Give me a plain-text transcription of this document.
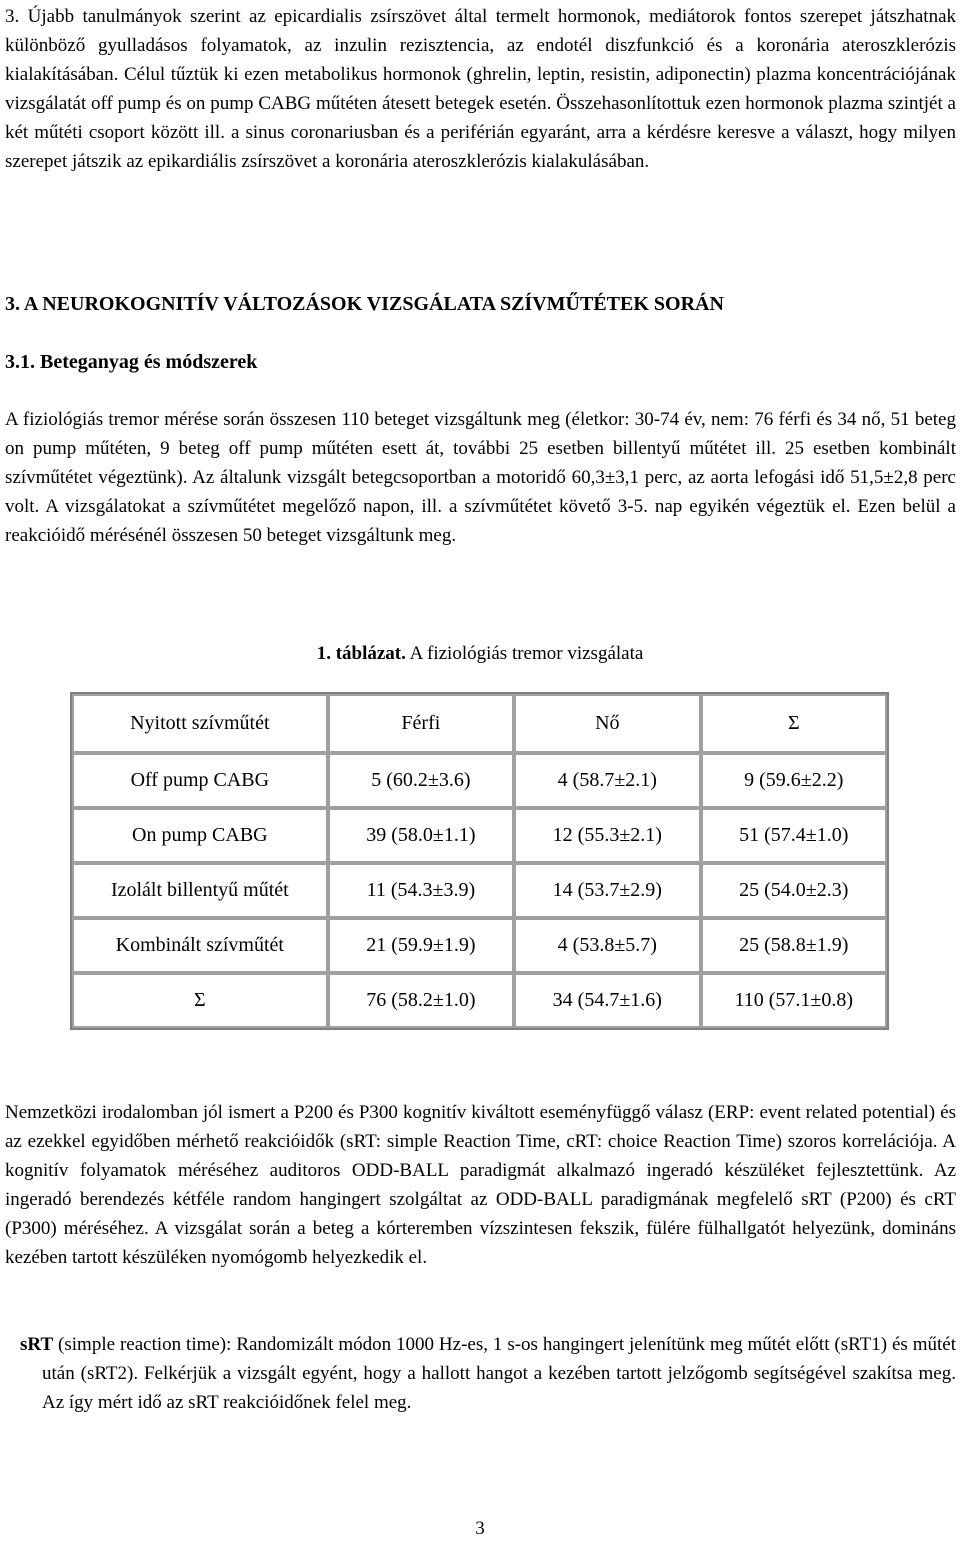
3. Újabb tanulmányok szerint az epicardialis zsírszövet által termelt hormonok, mediátorok fontos szerepet játszhatnak különböző gyulladásos folyamatok, az inzulin rezisztencia, az endotél diszfunkció és a koronária ateroszklerózis kialakításában. Célul tűztük ki ezen metabolikus hormonok (ghrelin, leptin, resistin, adiponectin) plazma koncentrációjának vizsgálatát off pump és on pump CABG műtéten átesett betegek esetén. Összehasonlítottuk ezen hormonok plazma szintjét a két műtéti csoport között ill. a sinus coronariusban és a periférián egyaránt, arra a kérdésre keresve a választ, hogy milyen szerepet játszik az epikardiális zsírszövet a koronária ateroszklerózis kialakulásában.

3. A NEUROKOGNITÍV VÁLTOZÁSOK VIZSGÁLATA SZÍVMŰTÉTEK SORÁN

3.1. Beteganyag és módszerek

A fiziológiás tremor mérése során összesen 110 beteget vizsgáltunk meg (életkor: 30-74 év, nem: 76 férfi és 34 nő, 51 beteg on pump műtéten, 9 beteg off pump műtéten esett át, további 25 esetben billentyű műtétet ill. 25 esetben kombinált szívműtétet végeztünk). Az általunk vizsgált betegcsoportban a motoridő 60,3±3,1 perc, az aorta lefogási idő 51,5±2,8 perc volt. A vizsgálatokat a szívműtétet megelőző napon, ill. a szívműtétet követő 3-5. nap egyikén végeztük el. Ezen belül a reakcióidő mérésénél összesen 50 beteget vizsgáltunk meg.

1. táblázat. A fiziológiás tremor vizsgálata
Nyitott szívműtét	Férfi	Nő	Σ
Off pump CABG	5 (60.2±3.6)	4 (58.7±2.1)	9 (59.6±2.2)
On pump CABG	39 (58.0±1.1)	12 (55.3±2.1)	51 (57.4±1.0)
Izolált billentyű műtét	11 (54.3±3.9)	14 (53.7±2.9)	25 (54.0±2.3)
Kombinált szívműtét	21 (59.9±1.9)	4 (53.8±5.7)	25 (58.8±1.9)
Σ	76 (58.2±1.0)	34 (54.7±1.6)	110 (57.1±0.8)

Nemzetközi irodalomban jól ismert a P200 és P300 kognitív kiváltott eseményfüggő válasz (ERP: event related potential) és az ezekkel egyidőben mérhető reakcióidők (sRT: simple Reaction Time, cRT: choice Reaction Time) szoros korrelációja. A kognitív folyamatok méréséhez auditoros ODD-BALL paradigmát alkalmazó ingeradó készüléket fejlesztettünk. Az ingeradó berendezés kétféle random hangingert szolgáltat az ODD-BALL paradigmának megfelelő sRT (P200) és cRT (P300) méréséhez. A vizsgálat során a beteg a kórteremben vízszintesen fekszik, fülére fülhallgatót helyezünk, domináns kezében tartott készüléken nyomógomb helyezkedik el.

sRT (simple reaction time): Randomizált módon 1000 Hz-es, 1 s-os hangingert jelenítünk meg műtét előtt (sRT1) és műtét után (sRT2). Felkérjük a vizsgált egyént, hogy a hallott hangot a kezében tartott jelzőgomb segítségével szakítsa meg. Az így mért idő az sRT reakcióidőnek felel meg.

3
